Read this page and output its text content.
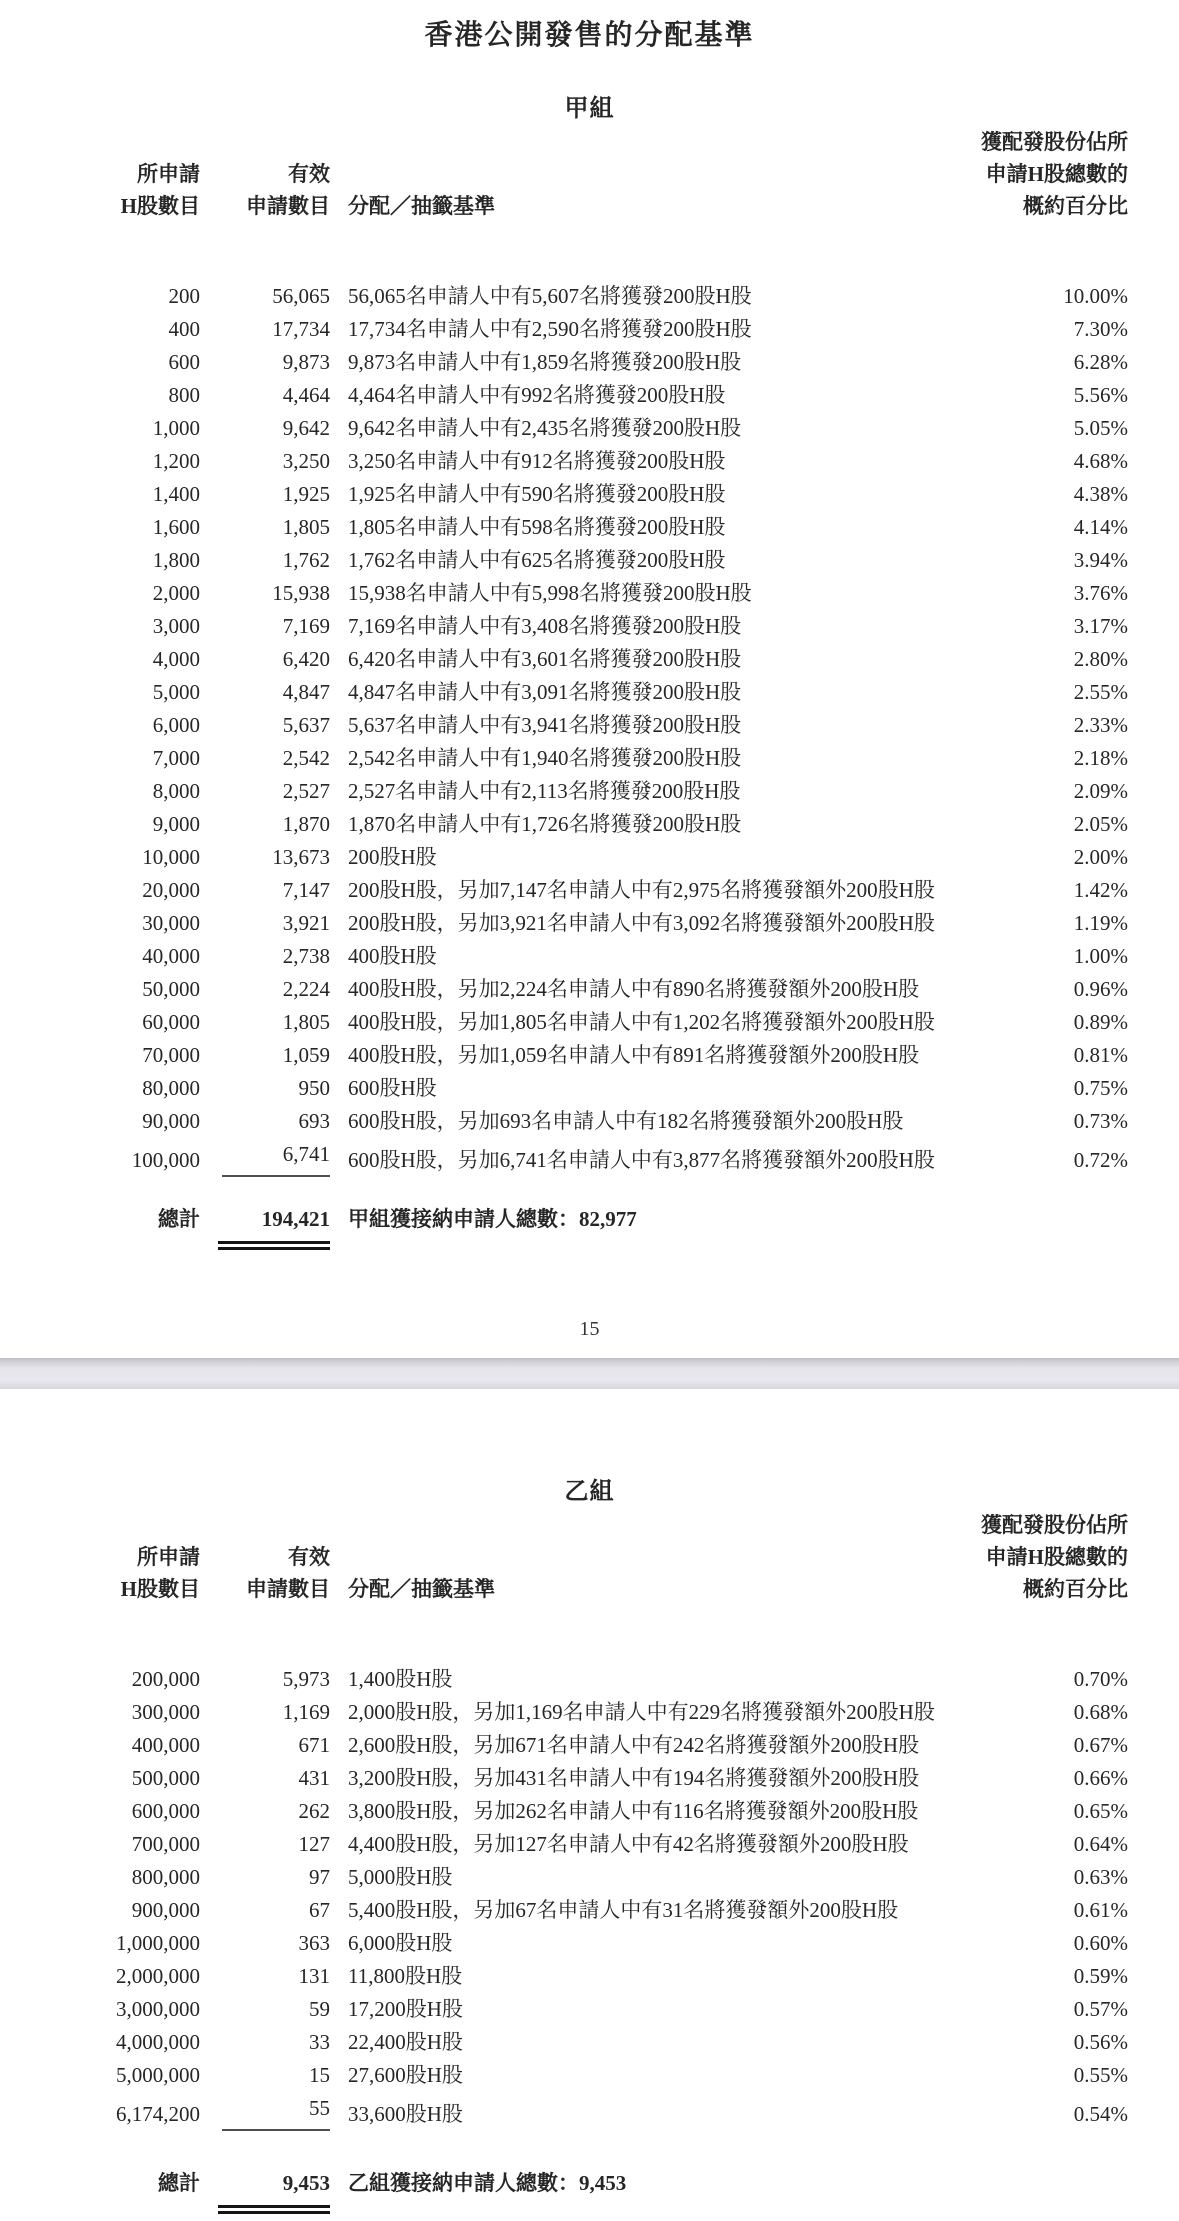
香港公開發售的分配基準
甲組
所申請
H股數目

有效
申請數目	分配／抽籤基準

獲配發股份佔所
申請H股總數的
概約百分比

200	56,065	56,065名申請人中有5,607名將獲發200股H股	10.00%
400	17,734	17,734名申請人中有2,590名將獲發200股H股	7.30%
600	9,873	9,873名申請人中有1,859名將獲發200股H股	6.28%
800	4,464	4,464名申請人中有992名將獲發200股H股	5.56%
1,000	9,642	9,642名申請人中有2,435名將獲發200股H股	5.05%
1,200	3,250	3,250名申請人中有912名將獲發200股H股	4.68%
1,400	1,925	1,925名申請人中有590名將獲發200股H股	4.38%
1,600	1,805	1,805名申請人中有598名將獲發200股H股	4.14%
1,800	1,762	1,762名申請人中有625名將獲發200股H股	3.94%
2,000	15,938	15,938名申請人中有5,998名將獲發200股H股	3.76%
3,000	7,169	7,169名申請人中有3,408名將獲發200股H股	3.17%
4,000	6,420	6,420名申請人中有3,601名將獲發200股H股	2.80%
5,000	4,847	4,847名申請人中有3,091名將獲發200股H股	2.55%
6,000	5,637	5,637名申請人中有3,941名將獲發200股H股	2.33%
7,000	2,542	2,542名申請人中有1,940名將獲發200股H股	2.18%
8,000	2,527	2,527名申請人中有2,113名將獲發200股H股	2.09%
9,000	1,870	1,870名申請人中有1,726名將獲發200股H股	2.05%
10,000	13,673	200股H股	2.00%
20,000	7,147	200股H股，另加7,147名申請人中有2,975名將獲發額外200股H股	1.42%
30,000	3,921	200股H股，另加3,921名申請人中有3,092名將獲發額外200股H股	1.19%
40,000	2,738	400股H股	1.00%
50,000	2,224	400股H股，另加2,224名申請人中有890名將獲發額外200股H股	0.96%
60,000	1,805	400股H股，另加1,805名申請人中有1,202名將獲發額外200股H股	0.89%
70,000	1,059	400股H股，另加1,059名申請人中有891名將獲發額外200股H股	0.81%
80,000	950	600股H股	0.75%
90,000	693	600股H股，另加693名申請人中有182名將獲發額外200股H股	0.73%
100,000	6,741	600股H股，另加6,741名申請人中有3,877名將獲發額外200股H股	0.72%
總計	194,421 甲組獲接納申請人總數：82,977
15
乙組
所申請
H股數目

有效
申請數目	分配／抽籤基準

獲配發股份佔所
申請H股總數的
概約百分比

200,000	5,973	1,400股H股	0.70%
300,000	1,169	2,000股H股，另加1,169名申請人中有229名將獲發額外200股H股	0.68%
400,000	671	2,600股H股，另加671名申請人中有242名將獲發額外200股H股	0.67%
500,000	431	3,200股H股，另加431名申請人中有194名將獲發額外200股H股	0.66%
600,000	262	3,800股H股，另加262名申請人中有116名將獲發額外200股H股	0.65%
700,000	127	4,400股H股，另加127名申請人中有42名將獲發額外200股H股	0.64%
800,000	97	5,000股H股	0.63%
900,000	67	5,400股H股，另加67名申請人中有31名將獲發額外200股H股	0.61%
1,000,000	363	6,000股H股	0.60%
2,000,000	131	11,800股H股	0.59%
3,000,000	59	17,200股H股	0.57%
4,000,000	33	22,400股H股	0.56%
5,000,000	15	27,600股H股	0.55%
6,174,200	55	33,600股H股	0.54%
總計	9,453 乙組獲接納申請人總數：9,453
